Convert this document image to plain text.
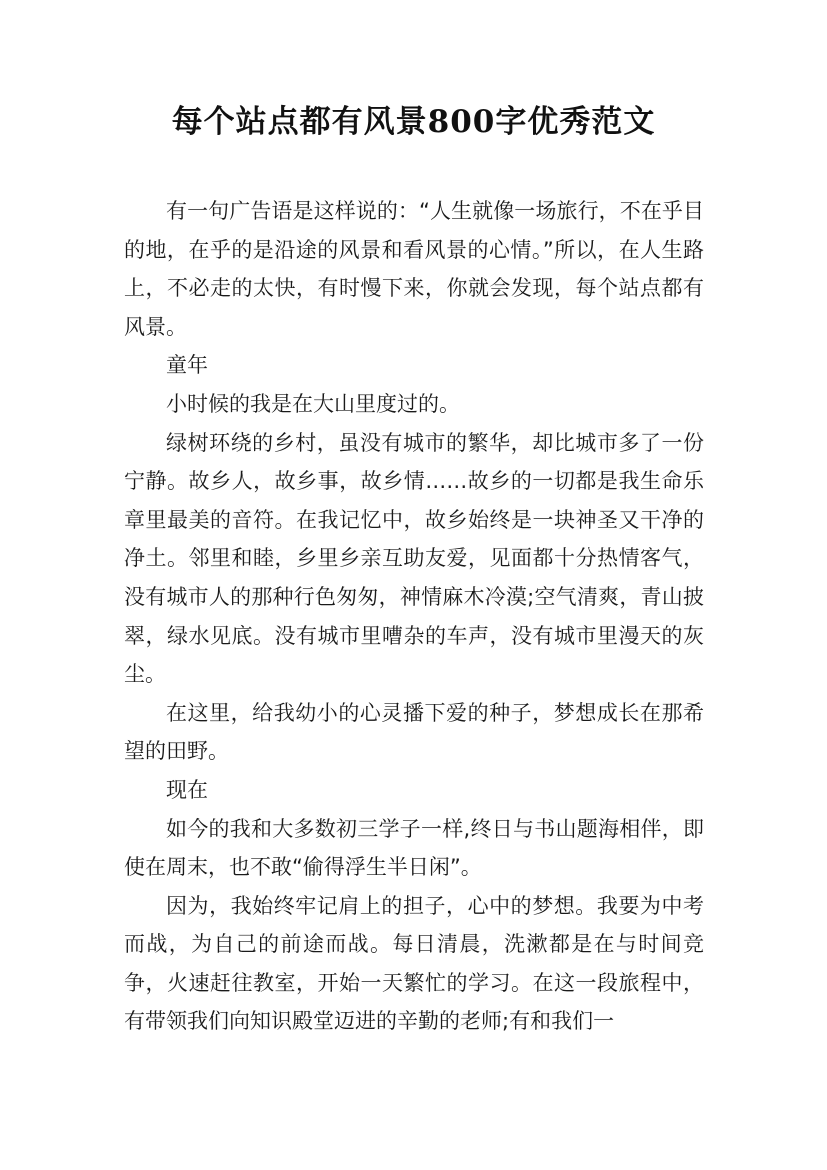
每个站点都有风景800字优秀范文

有一句广告语是这样说的：“人生就像一场旅行，不在乎目的地，在乎的是沿途的风景和看风景的心情。”所以，在人生路上，不必走的太快，有时慢下来，你就会发现，每个站点都有风景。

童年

小时候的我是在大山里度过的。

绿树环绕的乡村，虽没有城市的繁华，却比城市多了一份宁静。故乡人，故乡事，故乡情……故乡的一切都是我生命乐章里最美的音符。在我记忆中，故乡始终是一块神圣又干净的净土。邻里和睦，乡里乡亲互助友爱，见面都十分热情客气，没有城市人的那种行色匆匆，神情麻木冷漠;空气清爽，青山披翠，绿水见底。没有城市里嘈杂的车声，没有城市里漫天的灰尘。

在这里，给我幼小的心灵播下爱的种子，梦想成长在那希望的田野。

现在

如今的我和大多数初三学子一样,终日与书山题海相伴，即使在周末，也不敢“偷得浮生半日闲”。

因为，我始终牢记肩上的担子，心中的梦想。我要为中考而战，为自己的前途而战。每日清晨，洗漱都是在与时间竞争，火速赶往教室，开始一天繁忙的学习。在这一段旅程中，有带领我们向知识殿堂迈进的辛勤的老师;有和我们一
